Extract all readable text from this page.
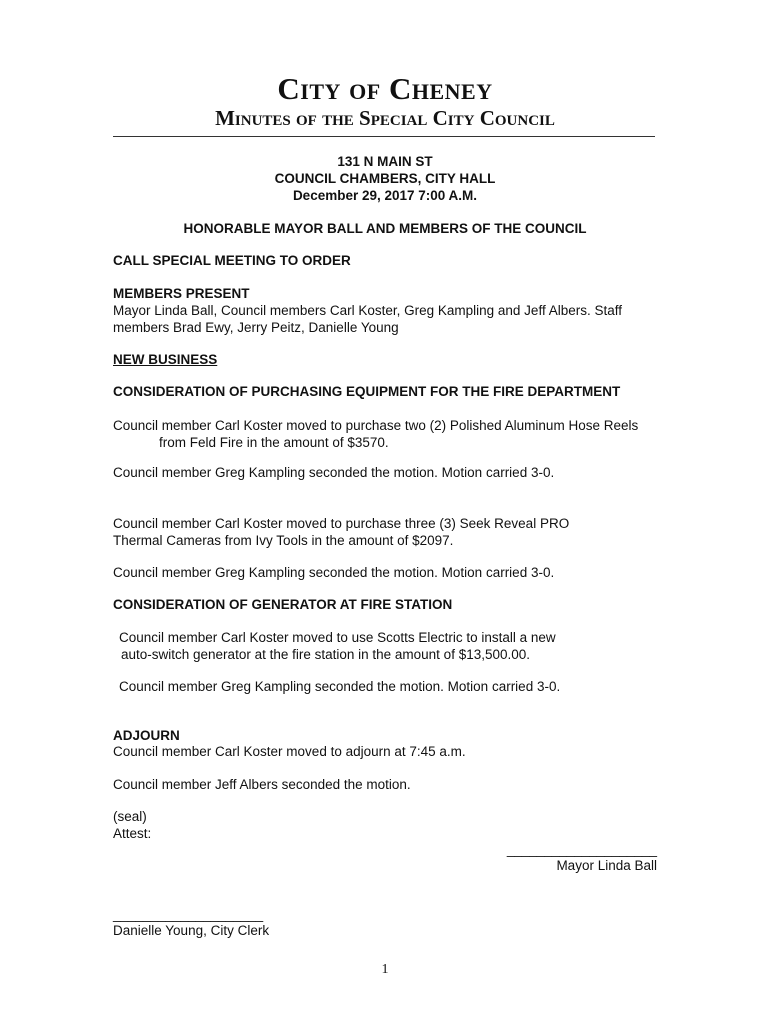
City of Cheney
Minutes of the Special City Council
131 N MAIN ST
COUNCIL CHAMBERS, CITY HALL
December 29, 2017 7:00 A.M.
HONORABLE MAYOR BALL AND MEMBERS OF THE COUNCIL
CALL SPECIAL MEETING TO ORDER
MEMBERS PRESENT
Mayor Linda Ball, Council members Carl Koster, Greg Kampling and Jeff Albers. Staff
members Brad Ewy, Jerry Peitz, Danielle Young
NEW BUSINESS
CONSIDERATION OF PURCHASING EQUIPMENT FOR THE FIRE DEPARTMENT
Council member Carl Koster moved to purchase two (2) Polished Aluminum Hose Reels
from Feld Fire in the amount of $3570.
Council member Greg Kampling seconded the motion. Motion carried 3-0.
Council member Carl Koster moved to purchase three (3) Seek Reveal PRO
Thermal Cameras from Ivy Tools in the amount of $2097.
Council member Greg Kampling seconded the motion. Motion carried 3-0.
CONSIDERATION OF GENERATOR AT FIRE STATION
Council member Carl Koster moved to use Scotts Electric to install a new
auto-switch generator at the fire station in the amount of $13,500.00.
Council member Greg Kampling seconded the motion. Motion carried 3-0.
ADJOURN
Council member Carl Koster moved to adjourn at 7:45 a.m.
Council member Jeff Albers seconded the motion.
(seal)
Attest:
____________________
Mayor Linda Ball
____________________
Danielle Young, City Clerk
1
